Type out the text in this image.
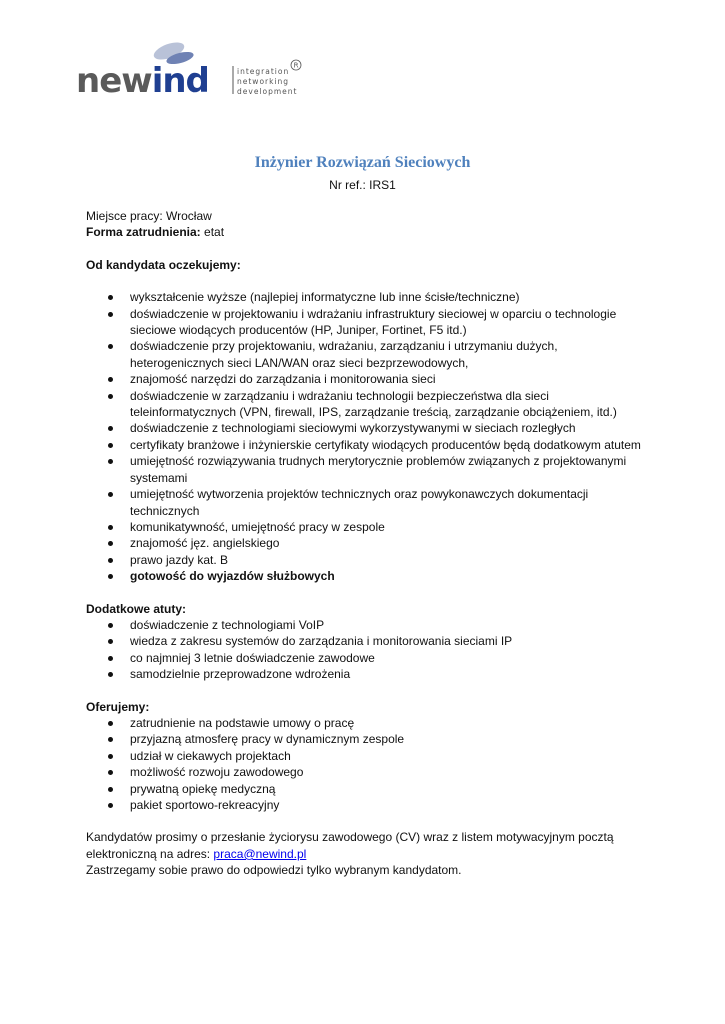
newind	integration
networking
development
R
Inżynier Rozwiązań Sieciowych
Nr ref.: IRS1

Miejsce pracy: Wrocław

Forma zatrudnienia: etat

Od kandydata oczekujemy:

wykształcenie wyższe (najlepiej informatyczne lub inne ścisłe/techniczne)
doświadczenie w projektowaniu i wdrażaniu infrastruktury sieciowej w oparciu o technologie sieciowe wiodących producentów (HP, Juniper, Fortinet, F5 itd.)
doświadczenie przy projektowaniu, wdrażaniu, zarządzaniu i utrzymaniu dużych, heterogenicznych sieci LAN/WAN oraz sieci bezprzewodowych,
znajomość narzędzi do zarządzania i monitorowania sieci
doświadczenie w zarządzaniu i wdrażaniu technologii bezpieczeństwa dla sieci teleinformatycznych (VPN, firewall, IPS, zarządzanie treścią, zarządzanie obciążeniem, itd.)
doświadczenie z technologiami sieciowymi wykorzystywanymi w sieciach rozległych
certyfikaty branżowe i inżynierskie certyfikaty wiodących producentów będą dodatkowym atutem
umiejętność rozwiązywania trudnych merytorycznie problemów związanych z projektowanymi systemami
umiejętność wytworzenia projektów technicznych oraz powykonawczych dokumentacji technicznych
komunikatywność, umiejętność pracy w zespole
znajomość jęz. angielskiego
prawo jazdy kat. B
gotowość do wyjazdów służbowych

Dodatkowe atuty:

doświadczenie z technologiami VoIP
wiedza z zakresu systemów do zarządzania i monitorowania sieciami IP
co najmniej 3 letnie doświadczenie zawodowe
samodzielnie przeprowadzone wdrożenia

Oferujemy:

zatrudnienie na podstawie umowy o pracę
przyjazną atmosferę pracy w dynamicznym zespole
udział w ciekawych projektach
możliwość rozwoju zawodowego
prywatną opiekę medyczną
pakiet sportowo-rekreacyjny

Kandydatów prosimy o przesłanie życiorysu zawodowego (CV) wraz z listem motywacyjnym pocztą elektroniczną na adres: praca@newind.pl

Zastrzegamy sobie prawo do odpowiedzi tylko wybranym kandydatom.
